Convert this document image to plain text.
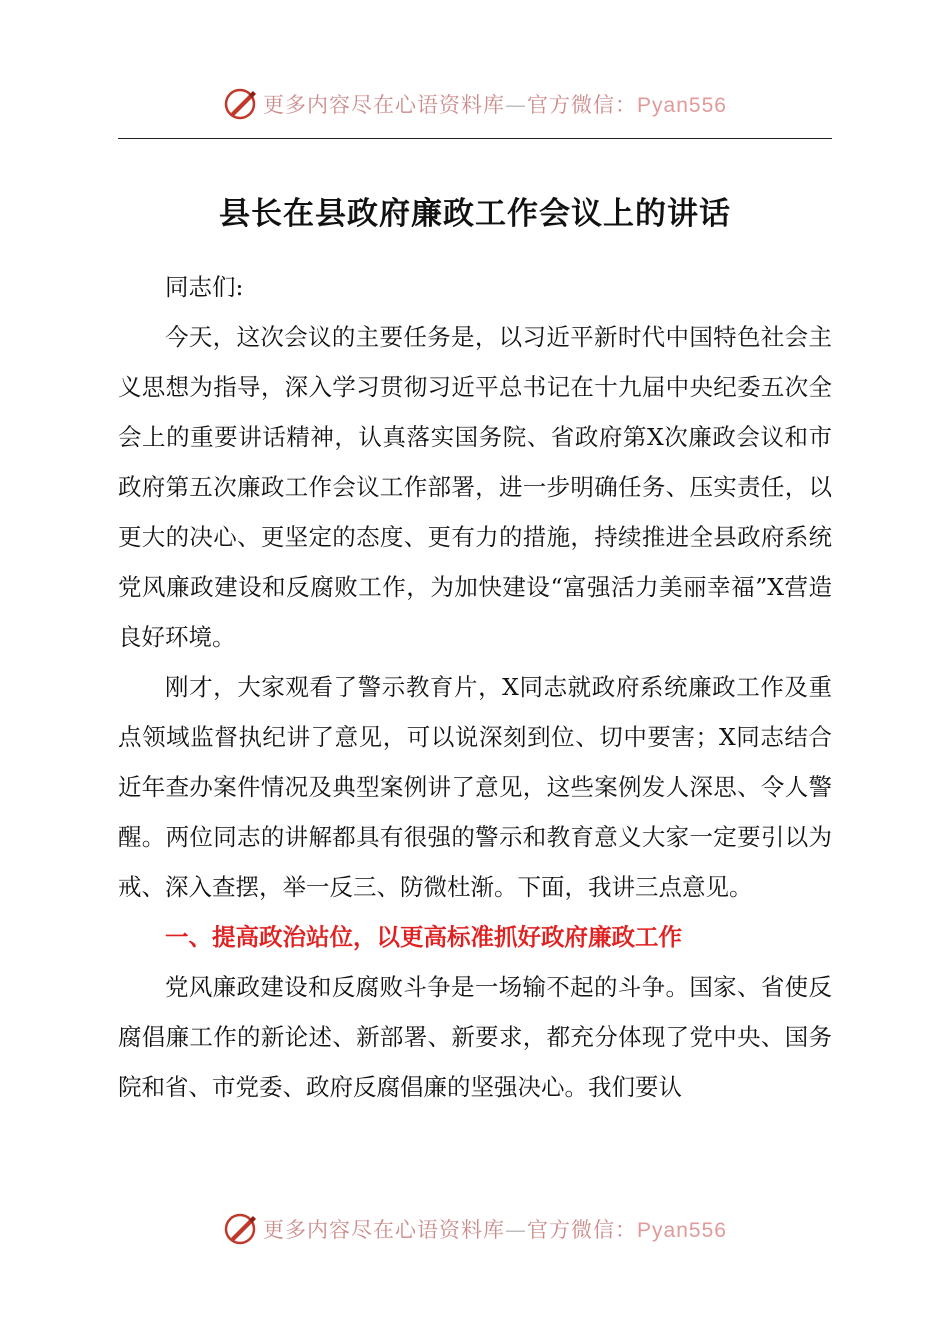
更多内容尽在心语资料库—官方微信：Pyan556
县长在县政府廉政工作会议上的讲话

同志们:

今天，这次会议的主要任务是，以习近平新时代中国特色社会主义思想为指导，深入学习贯彻习近平总书记在十九届中央纪委五次全会上的重要讲话精神，认真落实国务院、省政府第X次廉政会议和市政府第五次廉政工作会议工作部署，进一步明确任务、压实责任，以更大的决心、更坚定的态度、更有力的措施，持续推进全县政府系统党风廉政建设和反腐败工作，为加快建设“富强活力美丽幸福”X营造良好环境。

刚才，大家观看了警示教育片，X同志就政府系统廉政工作及重点领域监督执纪讲了意见，可以说深刻到位、切中要害；X同志结合近年查办案件情况及典型案例讲了意见，这些案例发人深思、令人警醒。两位同志的讲解都具有很强的警示和教育意义大家一定要引以为戒、深入查摆，举一反三、防微杜渐。下面，我讲三点意见。

一、提高政治站位，以更高标准抓好政府廉政工作

党风廉政建设和反腐败斗争是一场输不起的斗争。国家、省使反腐倡廉工作的新论述、新部署、新要求，都充分体现了党中央、国务院和省、市党委、政府反腐倡廉的坚强决心。我们要认

更多内容尽在心语资料库—官方微信：Pyan556
